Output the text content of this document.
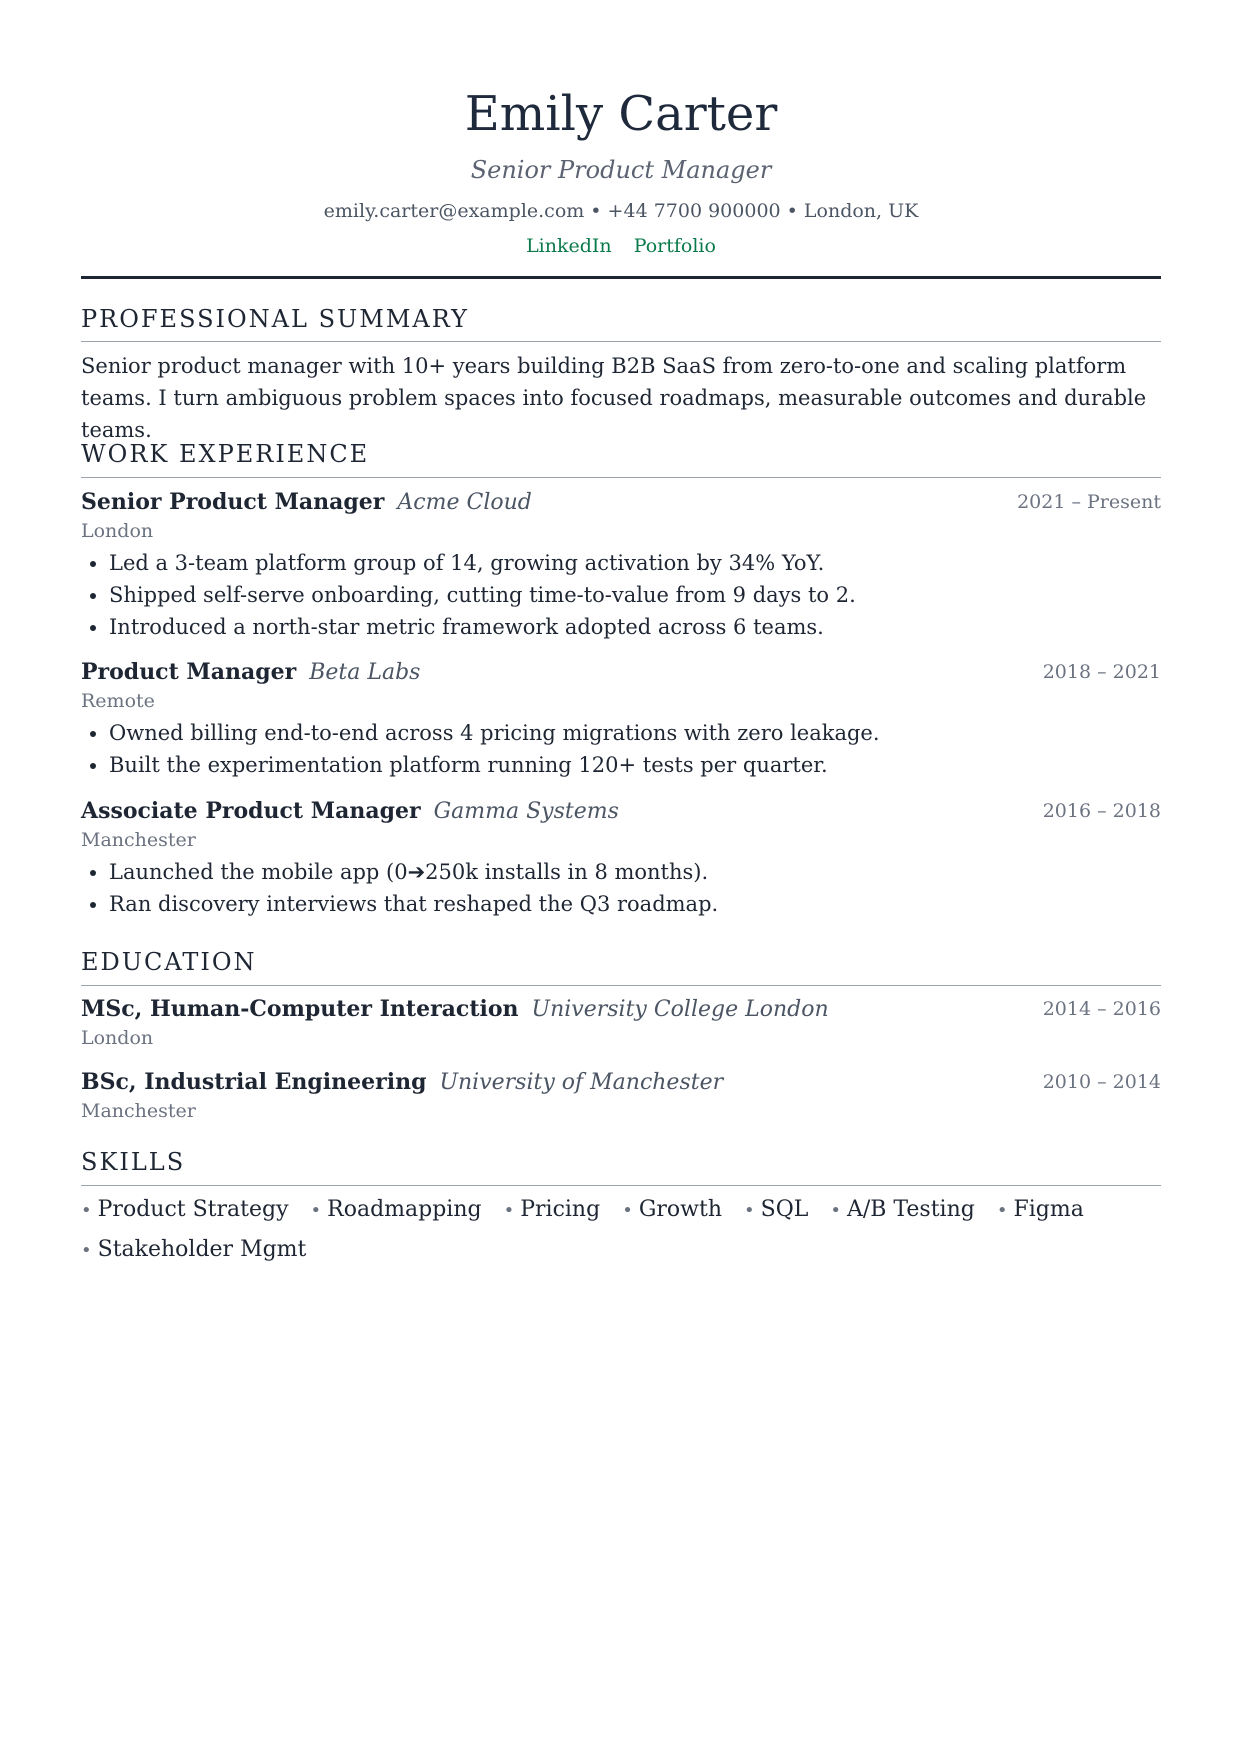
Emily Carter
Senior Product Manager
emily.carter@example.com • +44 7700 900000 • London, UK
LinkedIn Portfolio
PROFESSIONAL SUMMARY
Senior product manager with 10+ years building B2B SaaS from zero-to-one and scaling platform teams. I turn ambiguous problem spaces into focused roadmaps, measurable outcomes and durable teams.
WORK EXPERIENCE
Senior Product Manager Acme Cloud	2021 – Present
London
• Led a 3-team platform group of 14, growing activation by 34% YoY.
• Shipped self-serve onboarding, cutting time-to-value from 9 days to 2.
• Introduced a north-star metric framework adopted across 6 teams.
Product Manager Beta Labs	2018 – 2021
Remote
• Owned billing end-to-end across 4 pricing migrations with zero leakage.
• Built the experimentation platform running 120+ tests per quarter.
Associate Product Manager Gamma Systems	2016 – 2018
Manchester
• Launched the mobile app (0➔250k installs in 8 months).
• Ran discovery interviews that reshaped the Q3 roadmap.
EDUCATION
MSc, Human-Computer Interaction University College London	2014 – 2016
London
BSc, Industrial Engineering University of Manchester	2010 – 2014
Manchester
SKILLS
• Product Strategy • Roadmapping • Pricing • Growth • SQL • A/B Testing • Figma
• Stakeholder Mgmt
